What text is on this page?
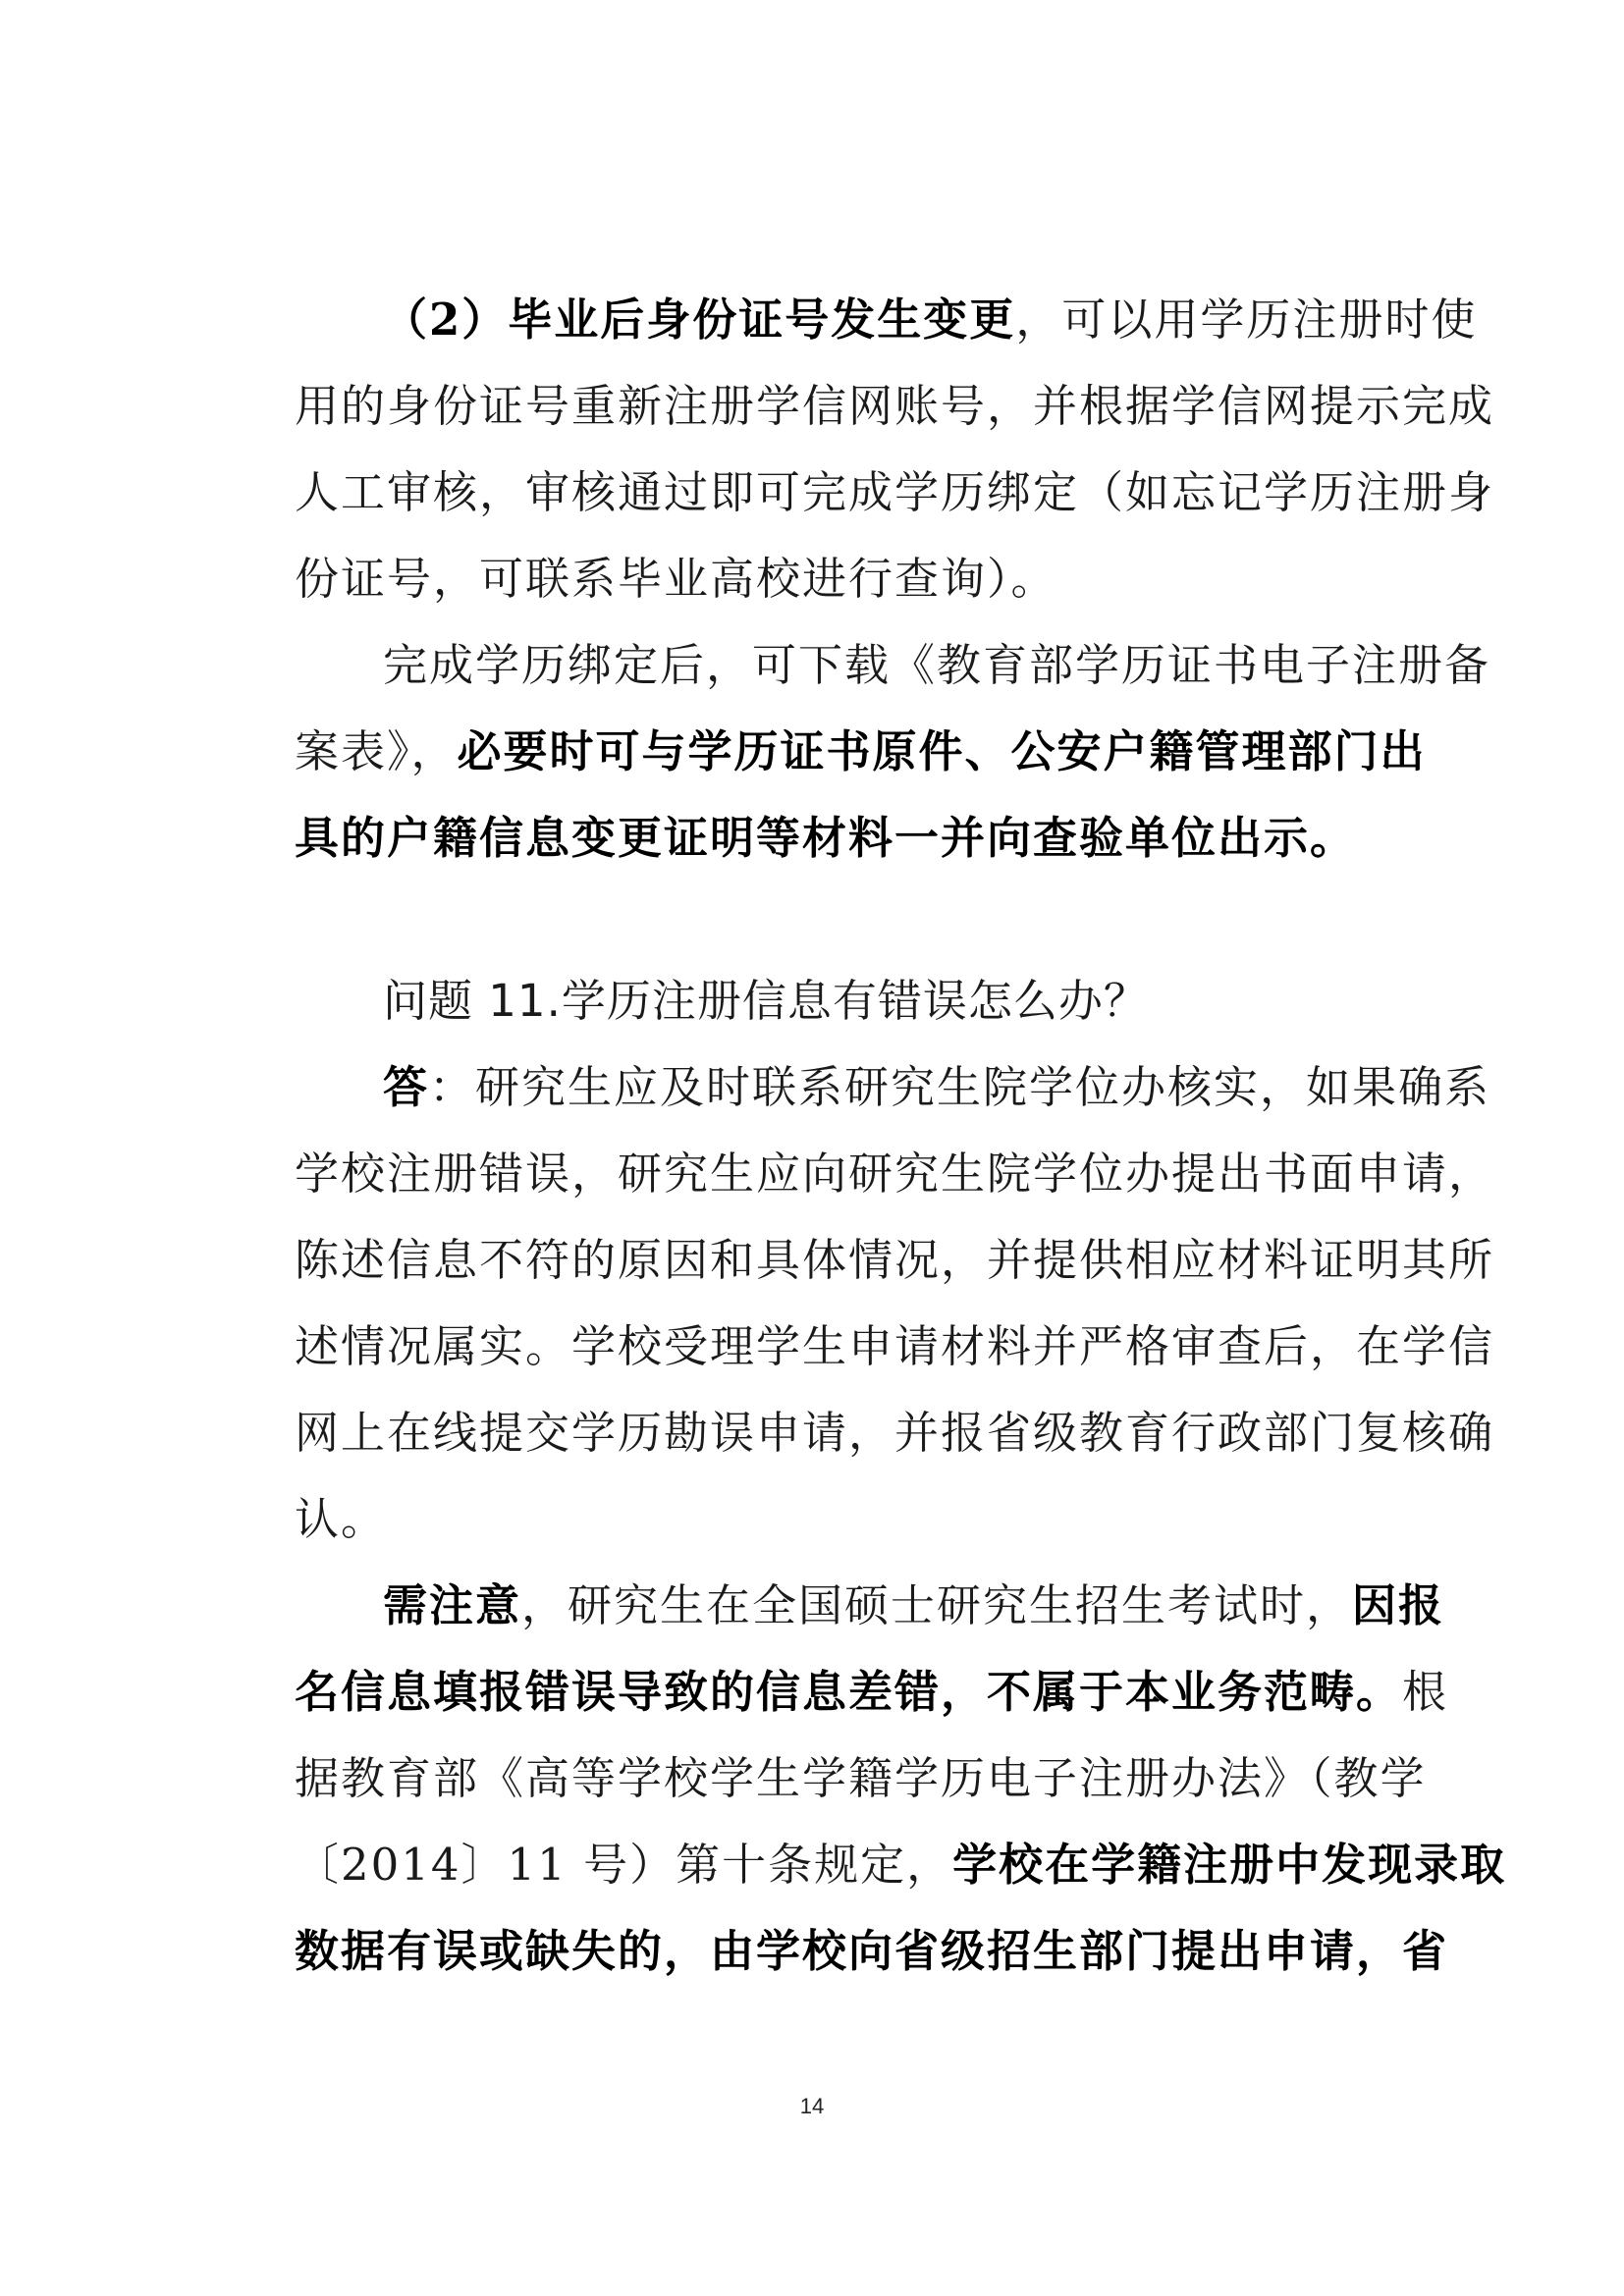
（2）毕业后身份证号发生变更，可以用学历注册时使
用的身份证号重新注册学信网账号，并根据学信网提示完成
人工审核，审核通过即可完成学历绑定（如忘记学历注册身
份证号，可联系毕业高校进行查询）。
完成学历绑定后，可下载《教育部学历证书电子注册备
案表》，必要时可与学历证书原件、公安户籍管理部门出
具的户籍信息变更证明等材料一并向查验单位出示。
问题 11.学历注册信息有错误怎么办？
答：研究生应及时联系研究生院学位办核实，如果确系
学校注册错误，研究生应向研究生院学位办提出书面申请，
陈述信息不符的原因和具体情况，并提供相应材料证明其所
述情况属实。学校受理学生申请材料并严格审查后，在学信
网上在线提交学历勘误申请，并报省级教育行政部门复核确
认。
需注意，研究生在全国硕士研究生招生考试时，因报
名信息填报错误导致的信息差错，不属于本业务范畴。根
据教育部《高等学校学生学籍学历电子注册办法》（教学
〔2014〕11 号）第十条规定，学校在学籍注册中发现录取
数据有误或缺失的，由学校向省级招生部门提出申请，省
14
